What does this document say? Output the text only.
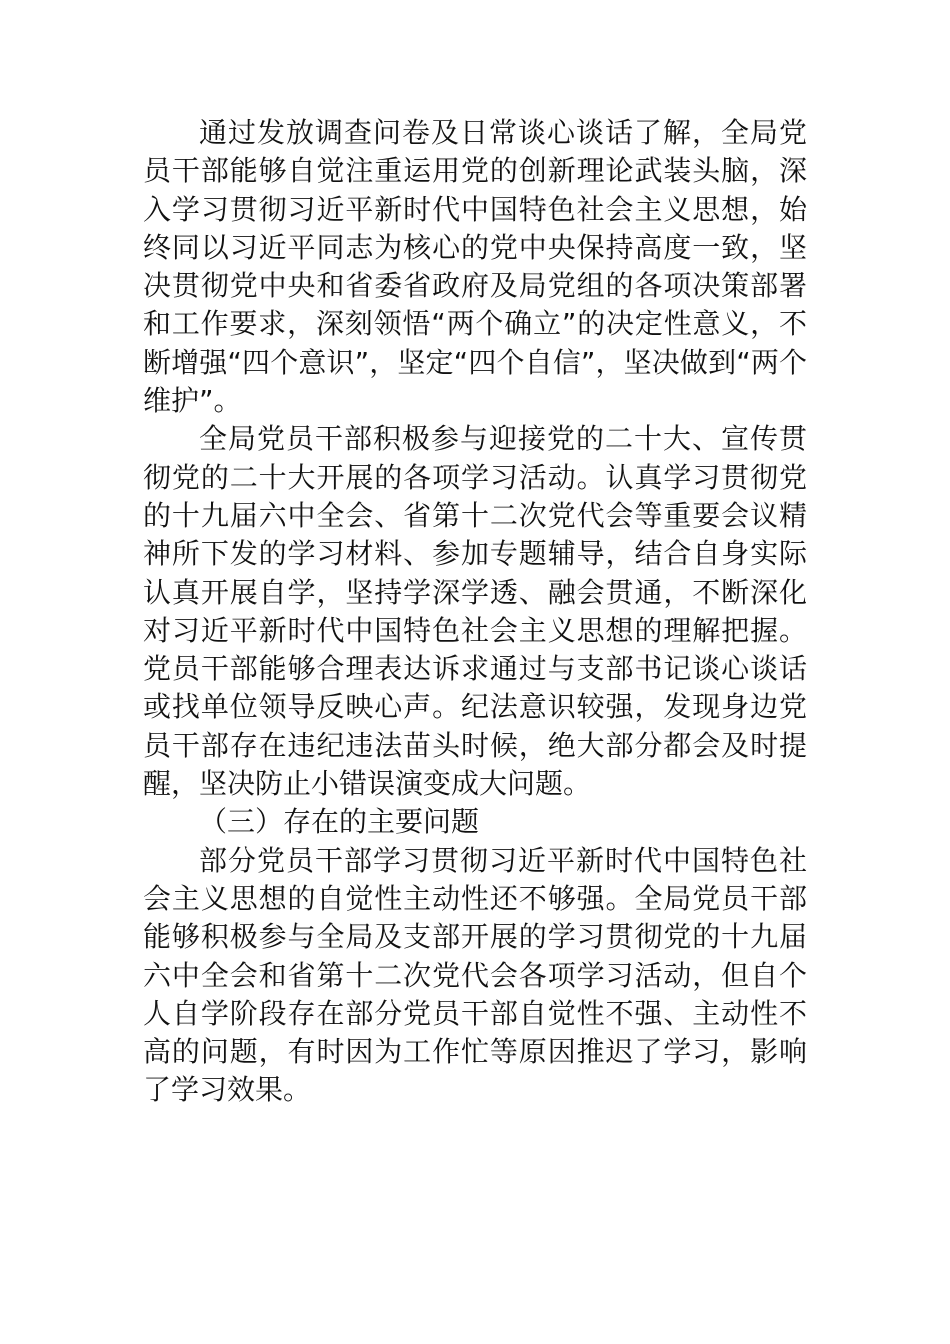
通过发放调查问卷及日常谈心谈话了解，全局党员干部能够自觉注重运用党的创新理论武装头脑，深入学习贯彻习近平新时代中国特色社会主义思想，始终同以习近平同志为核心的党中央保持高度一致，坚决贯彻党中央和省委省政府及局党组的各项决策部署和工作要求，深刻领悟“两个确立”的决定性意义，不断增强“四个意识”，坚定“四个自信”，坚决做到“两个维护”。

全局党员干部积极参与迎接党的二十大、宣传贯彻党的二十大开展的各项学习活动。认真学习贯彻党的十九届六中全会、省第十二次党代会等重要会议精神所下发的学习材料、参加专题辅导，结合自身实际认真开展自学，坚持学深学透、融会贯通，不断深化对习近平新时代中国特色社会主义思想的理解把握。党员干部能够合理表达诉求通过与支部书记谈心谈话或找单位领导反映心声。纪法意识较强，发现身边党员干部存在违纪违法苗头时候，绝大部分都会及时提醒，坚决防止小错误演变成大问题。

（三）存在的主要问题

部分党员干部学习贯彻习近平新时代中国特色社会主义思想的自觉性主动性还不够强。全局党员干部能够积极参与全局及支部开展的学习贯彻党的十九届六中全会和省第十二次党代会各项学习活动，但自个人自学阶段存在部分党员干部自觉性不强、主动性不高的问题，有时因为工作忙等原因推迟了学习，影响了学习效果。
